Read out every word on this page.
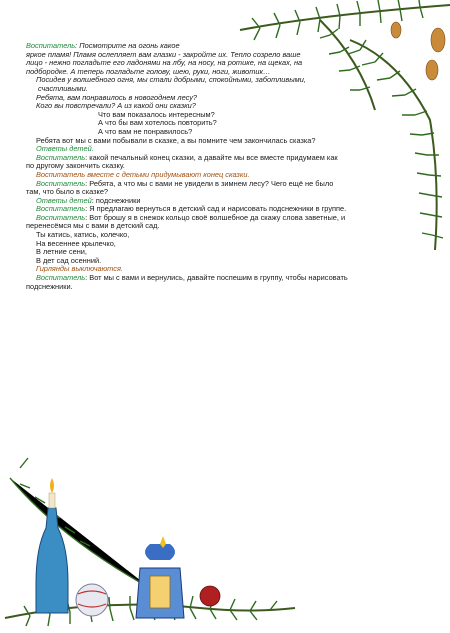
Воспитатель: Посмотрите на огонь какое

яркое пламя! Пламя ослепляет вам глазки - закройте их. Тепло созрело ваше

лицо - нежно погладьте его ладонями на лбу, на носу, на ротике, на щеках, на

подбородке. А теперь погладьте голову, шею, руки, ноги, животик…

Посидев у волшебного огня, мы стали добрыми, спокойными, заботливыми,

счастливыми.

Ребята, вам понравилось в новогоднем лесу?

Кого вы повстречали? А из какой они сказки?

Что вам показалось интересным?

А что бы вам хотелось повторить?

А что вам не понравилось?

Ребята вот мы с вами побывали в сказке, а вы помните чем закончилась сказка?

Ответы детей.

Воспитатель: какой печальный конец сказки, а давайте мы все вместе придумаем как

по другому закончить сказку.

Воспитатель вместе с детьми придумывают конец сказки.

Воспитатель: Ребята, а что мы с вами не увидели в зимнем лесу? Чего ещё не было

там, что было в сказке?

Ответы детей: подснежники

Воспитатель: Я предлагаю вернуться в детский сад и нарисовать подснежники в группе.

Воспитатель: Вот брошу я в снежок кольцо своё волшебное да скажу слова заветные, и

перенесёмся мы с вами в детский сад.

Ты катись, катись, колечко,

На весеннее крылечко,

В летние сени,

В дет сад осенний.

Гирлянды выключаются.

Воспитатель: Вот мы с вами и вернулись, давайте поспешим в группу, чтобы нарисовать

подснежники.
